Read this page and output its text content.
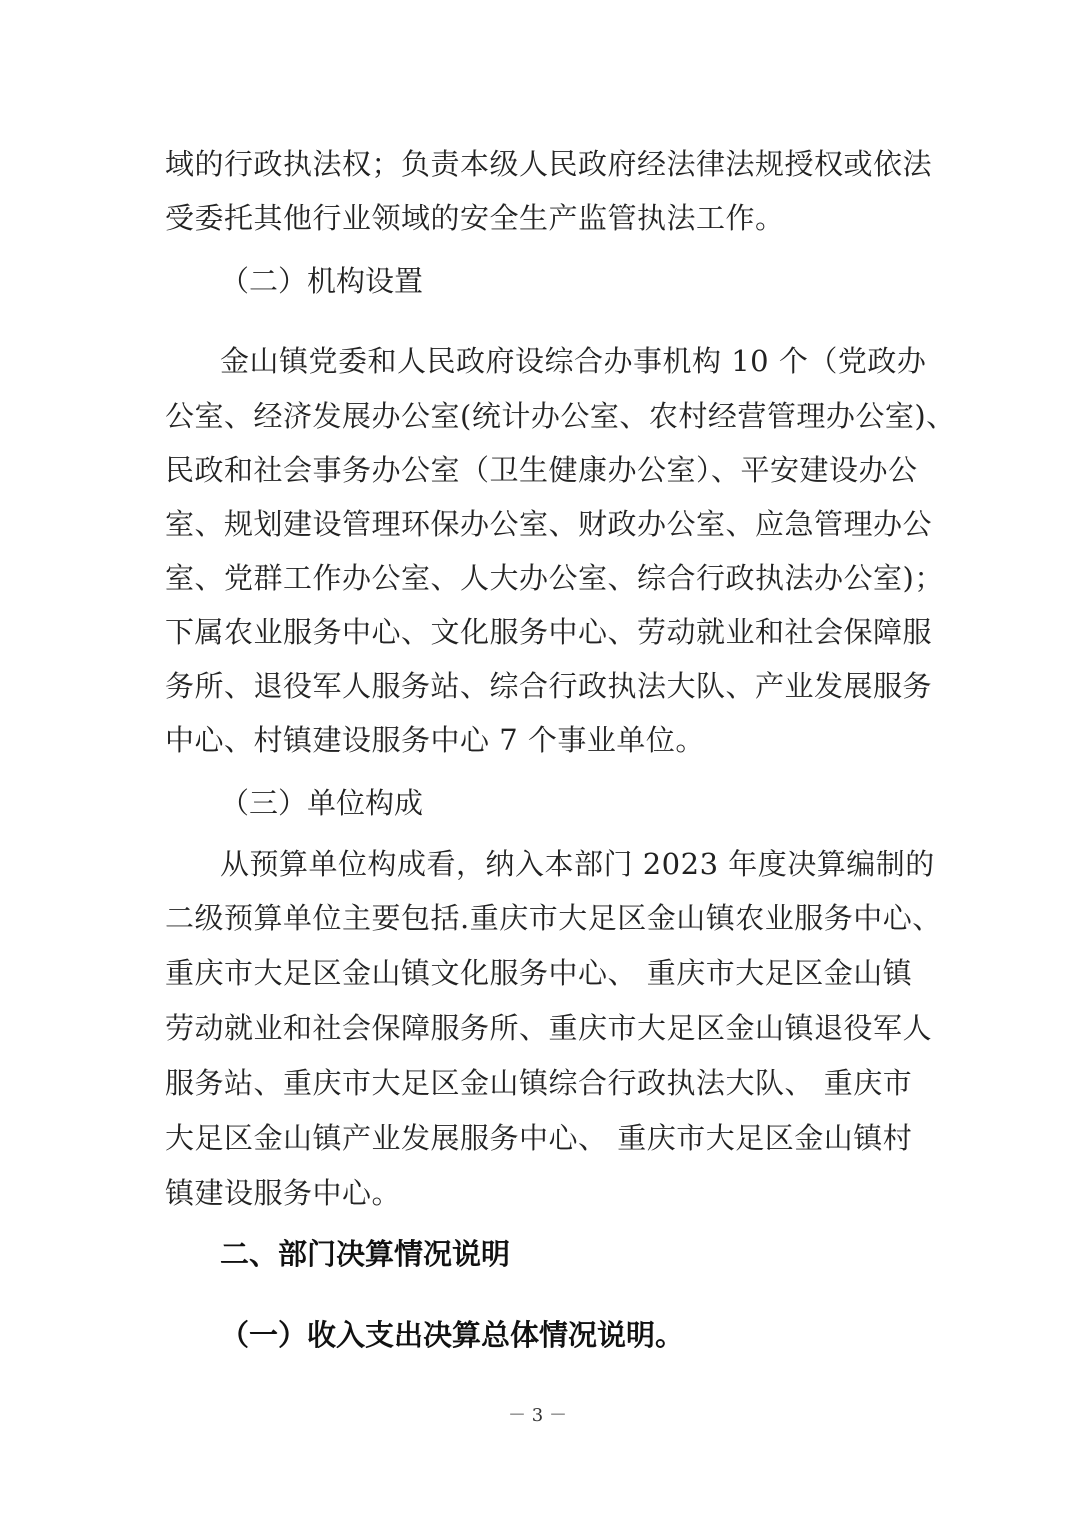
域的行政执法权；负责本级人民政府经法律法规授权或依法
受委托其他行业领域的安全生产监管执法工作。
（二）机构设置
金山镇党委和人民政府设综合办事机构 10 个（党政办
公室、经济发展办公室(统计办公室、农村经营管理办公室)、
民政和社会事务办公室（卫生健康办公室）、平安建设办公
室、规划建设管理环保办公室、财政办公室、应急管理办公
室、党群工作办公室、人大办公室、综合行政执法办公室)；
下属农业服务中心、文化服务中心、劳动就业和社会保障服
务所、退役军人服务站、综合行政执法大队、产业发展服务
中心、村镇建设服务中心 7 个事业单位。
（三）单位构成
从预算单位构成看，纳入本部门 2023 年度决算编制的
二级预算单位主要包括.重庆市大足区金山镇农业服务中心、
重庆市大足区金山镇文化服务中心、 重庆市大足区金山镇
劳动就业和社会保障服务所、重庆市大足区金山镇退役军人
服务站、重庆市大足区金山镇综合行政执法大队、 重庆市
大足区金山镇产业发展服务中心、 重庆市大足区金山镇村
镇建设服务中心。
二、部门决算情况说明
（一）收入支出决算总体情况说明。
－ 3 －
